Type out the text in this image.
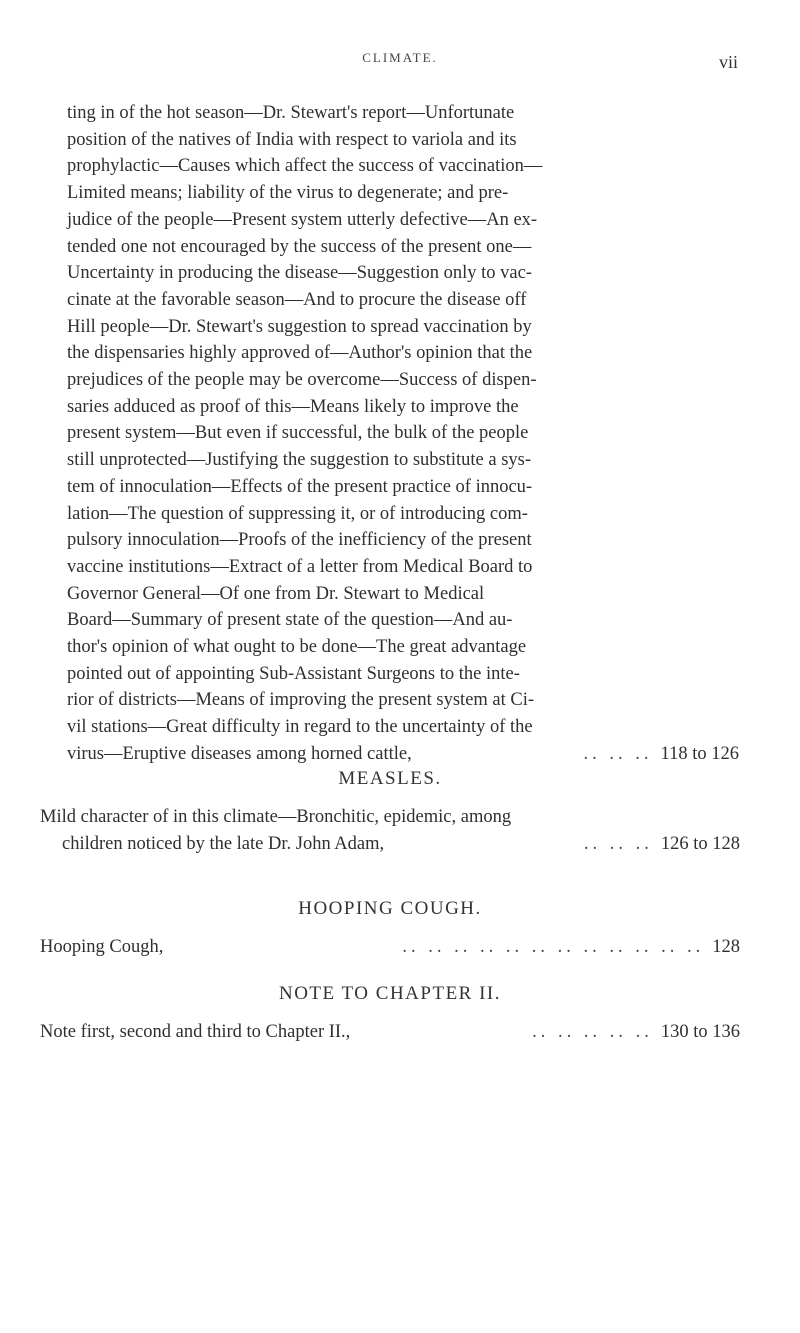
CLIMATE.	vii
ting in of the hot season—Dr. Stewart's report—Unfortunate
position of the natives of India with respect to variola and its
prophylactic—Causes which affect the success of vaccination—
Limited means; liability of the virus to degenerate; and pre-
judice of the people—Present system utterly defective—An ex-
tended one not encouraged by the success of the present one—
Uncertainty in producing the disease—Suggestion only to vac-
cinate at the favorable season—And to procure the disease off
Hill people—Dr. Stewart's suggestion to spread vaccination by
the dispensaries highly approved of—Author's opinion that the
prejudices of the people may be overcome—Success of dispen-
saries adduced as proof of this—Means likely to improve the
present system—But even if successful, the bulk of the people
still unprotected—Justifying the suggestion to substitute a sys-
tem of innoculation—Effects of the present practice of innocu-
lation—The question of suppressing it, or of introducing com-
pulsory innoculation—Proofs of the inefficiency of the present
vaccine institutions—Extract of a letter from Medical Board to
Governor General—Of one from Dr. Stewart to Medical
Board—Summary of present state of the question—And au-
thor's opinion of what ought to be done—The great advantage
pointed out of appointing Sub-Assistant Surgeons to the inte-
rior of districts—Means of improving the present system at Ci-
vil stations—Great difficulty in regard to the uncertainty of the
virus—Eruptive diseases among horned cattle,	.. .. .. 118 to 126
MEASLES.
Mild character of in this climate—Bronchitic, epidemic, among
children noticed by the late Dr. John Adam,	.. .. .. 126 to 128
HOOPING COUGH.
Hooping Cough,	.. .. .. .. .. .. .. .. .. .. .. .. 128
NOTE TO CHAPTER II.
Note first, second and third to Chapter II.,	.. .. .. .. .. 130 to 136
